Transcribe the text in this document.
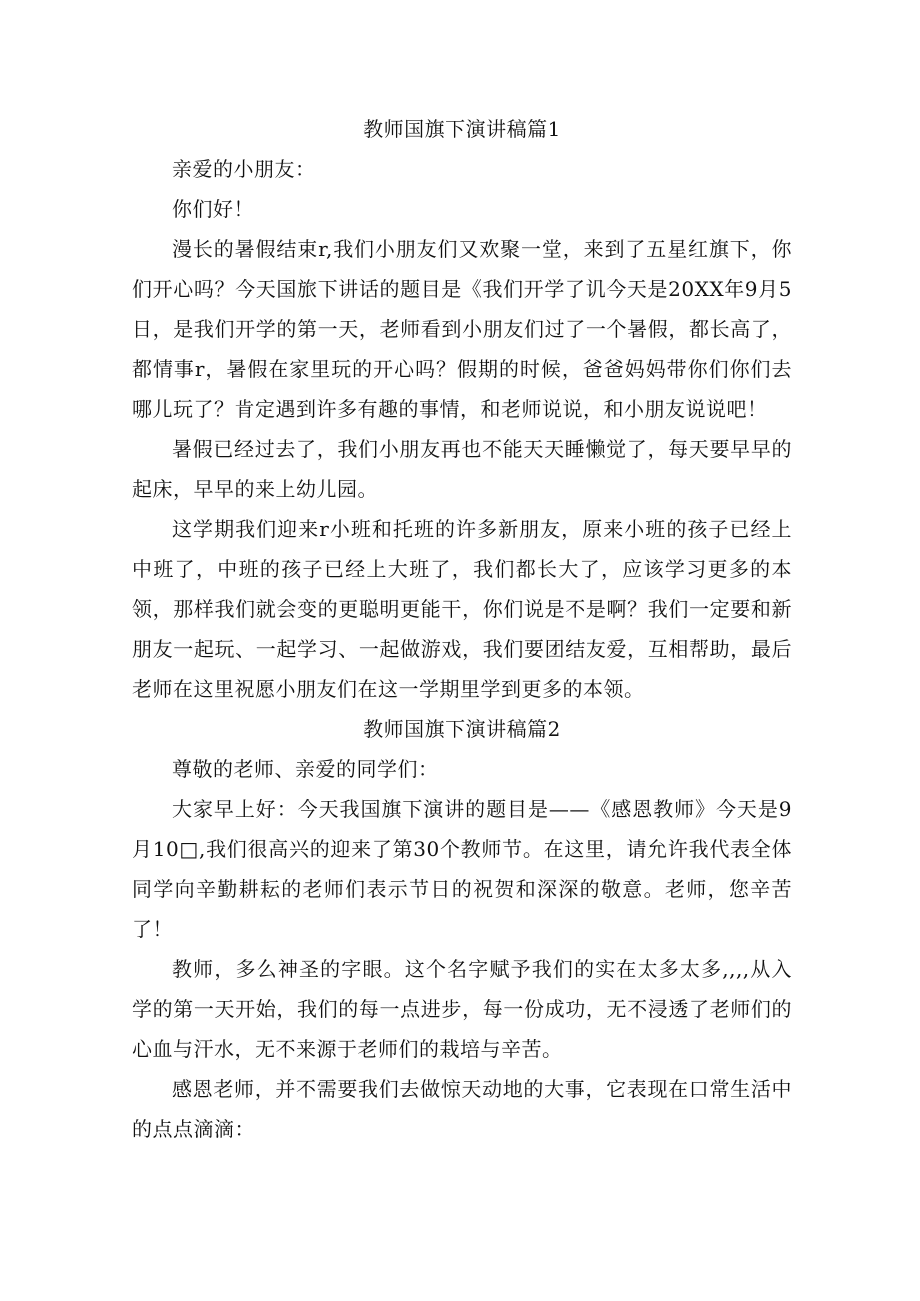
教师国旗下演讲稿篇1

亲爱的小朋友：

你们好！

漫长的暑假结束r,我们小朋友们又欢聚一堂，来到了五星红旗下，你们开心吗？今天国旅下讲话的题目是《我们开学了讥今天是20XX年9月5日，是我们开学的第一天，老师看到小朋友们过了一个暑假，都长高了，都情事r，暑假在家里玩的开心吗？假期的时候，爸爸妈妈带你们你们去哪儿玩了？肯定遇到许多有趣的事情，和老师说说，和小朋友说说吧！

暑假已经过去了，我们小朋友再也不能天天睡懒觉了，每天要早早的起床，早早的来上幼儿园。

这学期我们迎来r小班和托班的许多新朋友，原来小班的孩子已经上中班了，中班的孩子已经上大班了，我们都长大了，应该学习更多的本领，那样我们就会变的更聪明更能干，你们说是不是啊？我们一定要和新朋友一起玩、一起学习、一起做游戏，我们要团结友爱，互相帮助，最后老师在这里祝愿小朋友们在这一学期里学到更多的本领。

教师国旗下演讲稿篇2

尊敬的老师、亲爱的同学们：

大家早上好：今天我国旗下演讲的题目是——《感恩教师》今天是9月10□,我们很高兴的迎来了第30个教师节。在这里，请允许我代表全体同学向辛勤耕耘的老师们表示节日的祝贺和深深的敬意。老师，您辛苦了！

教师，多么神圣的字眼。这个名字赋予我们的实在太多太多,,,,从入学的第一天开始，我们的每一点进步，每一份成功，无不浸透了老师们的心血与汗水，无不来源于老师们的栽培与辛苦。

感恩老师，并不需要我们去做惊天动地的大事，它表现在口常生活中的点点滴滴：
